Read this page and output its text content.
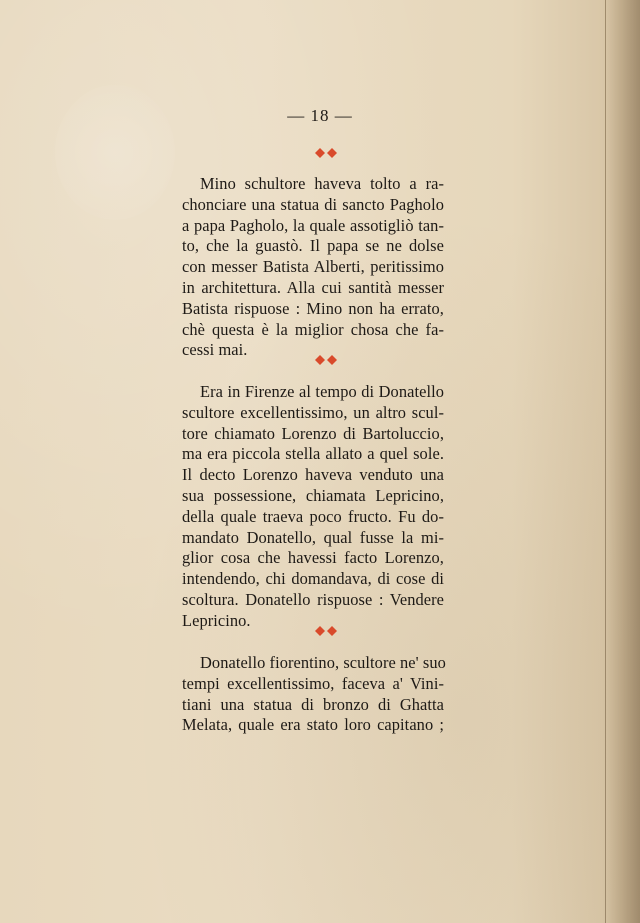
— 18 —
Mino schultore haveva tolto a ra-
chonciare una statua di sancto Pagholo
a papa Pagholo, la quale assotigliò tan-
to, che la guastò. Il papa se ne dolse
con messer Batista Alberti, peritissimo
in architettura. Alla cui santità messer
Batista rispuose : Mino non ha errato,
chè questa è la miglior chosa che fa-
cessi mai.
Era in Firenze al tempo di Donatello
scultore excellentissimo, un altro scul-
tore chiamato Lorenzo di Bartoluccio,
ma era piccola stella allato a quel sole.
Il decto Lorenzo haveva venduto una
sua possessione, chiamata Lepricino,
della quale traeva poco fructo. Fu do-
mandato Donatello, qual fusse la mi-
glior cosa che havessi facto Lorenzo,
intendendo, chi domandava, di cose di
scoltura. Donatello rispuose : Vendere
Lepricino.
Donatello fiorentino, scultore ne' suo
tempi excellentissimo, faceva a' Vini-
tiani una statua di bronzo di Ghatta
Melata, quale era stato loro capitano ;
